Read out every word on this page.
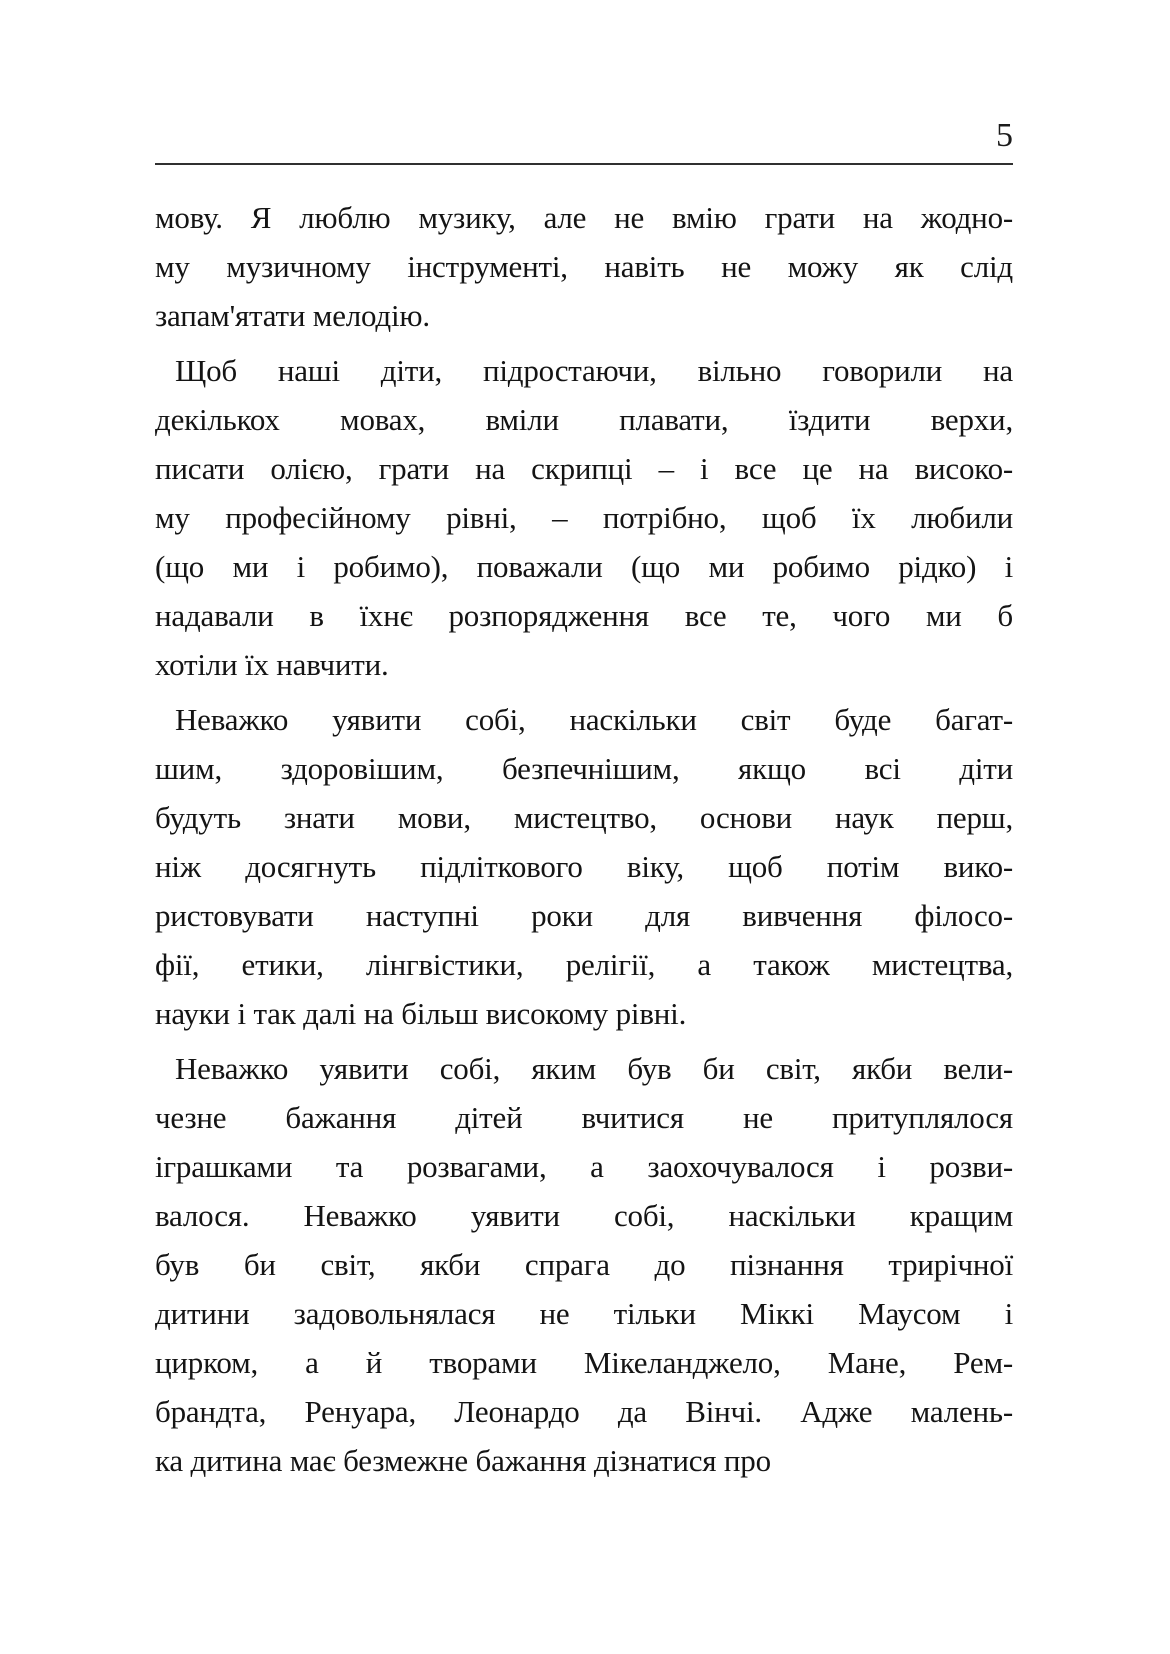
5
мову. Я люблю музику, але не вмію грати на жодно-
му музичному інструменті, навіть не можу як слід
запам'ятати мелодію.
Щоб наші діти, підростаючи, вільно говорили на
декількох мовах, вміли плавати, їздити верхи,
писати олією, грати на скрипці – і все це на високо-
му професійному рівні, – потрібно, щоб їх любили
(що ми і робимо), поважали (що ми робимо рідко) і
надавали в їхнє розпорядження все те, чого ми б
хотіли їх навчити.
Неважко уявити собі, наскільки світ буде багат-
шим, здоровішим, безпечнішим, якщо всі діти
будуть знати мови, мистецтво, основи наук перш,
ніж досягнуть підліткового віку, щоб потім вико-
ристовувати наступні роки для вивчення філосо-
фії, етики, лінгвістики, релігії, а також мистецтва,
науки і так далі на більш високому рівні.
Неважко уявити собі, яким був би світ, якби вели-
чезне бажання дітей вчитися не притуплялося
іграшками та розвагами, а заохочувалося і розви-
валося. Неважко уявити собі, наскільки кращим
був би світ, якби спрага до пізнання трирічної
дитини задовольнялася не тільки Міккі Маусом і
цирком, а й творами Мікеланджело, Мане, Рем-
брандта, Ренуара, Леонардо да Вінчі. Адже малень-
ка дитина має безмежне бажання дізнатися про
